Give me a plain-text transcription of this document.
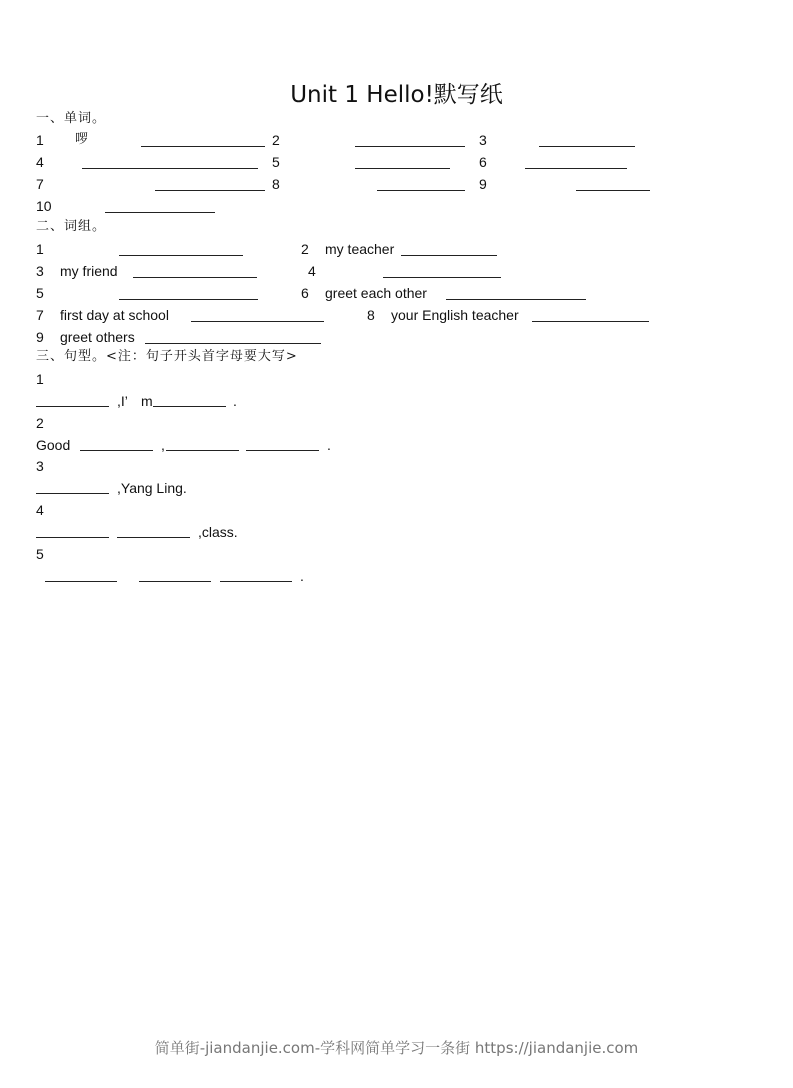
Unit 1 Hello!默写纸
一、单词。
1 啰	2	3
4	5	6
7	8	9
10
二、词组。
1	2 my teacher
3 my friend	4
5	6 greet each other
7 first day at school	8 your English teacher
9 greet others
三、句型。<注：句子开头首字母要大写>
1
,I’ m	.
2
Good	,	.
3
,Yang Ling.
4
,class.
5
.
简单街-jiandanjie.com-学科网简单学习一条街 https://jiandanjie.com
